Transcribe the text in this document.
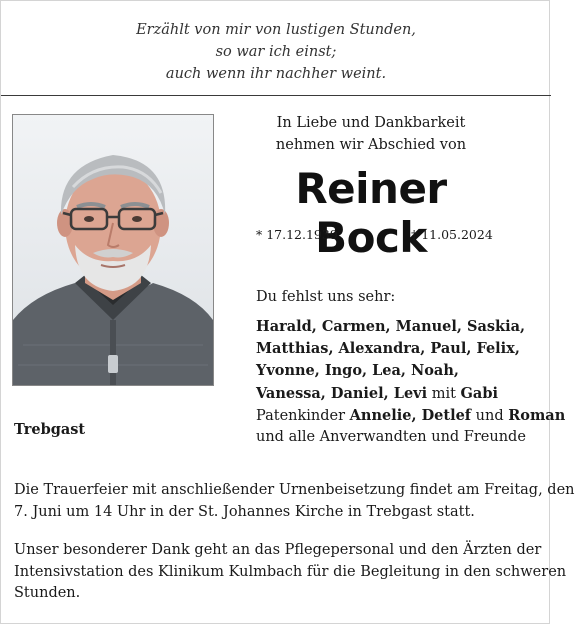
Erzählt von mir von lustigen Stunden,
so war ich einst;
auch wenn ihr nachher weint.
Trebgast
In Liebe und Dankbarkeit
nehmen wir Abschied von
Reiner Bock
* 17.12.1939	† 11.05.2024
Du fehlst uns sehr:
Harald, Carmen, Manuel, Saskia,
Matthias, Alexandra, Paul, Felix,
Yvonne, Ingo, Lea, Noah,
Vanessa, Daniel, Levi mit Gabi
Patenkinder Annelie, Detlef und Roman
und alle Anverwandten und Freunde
Die Trauerfeier mit anschließender Urnenbeisetzung findet am Freitag, den
7. Juni um 14 Uhr in der St. Johannes Kirche in Trebgast statt.
Unser besonderer Dank geht an das Pflegepersonal und den Ärzten der
Intensivstation des Klinikum Kulmbach für die Begleitung in den schweren
Stunden.
